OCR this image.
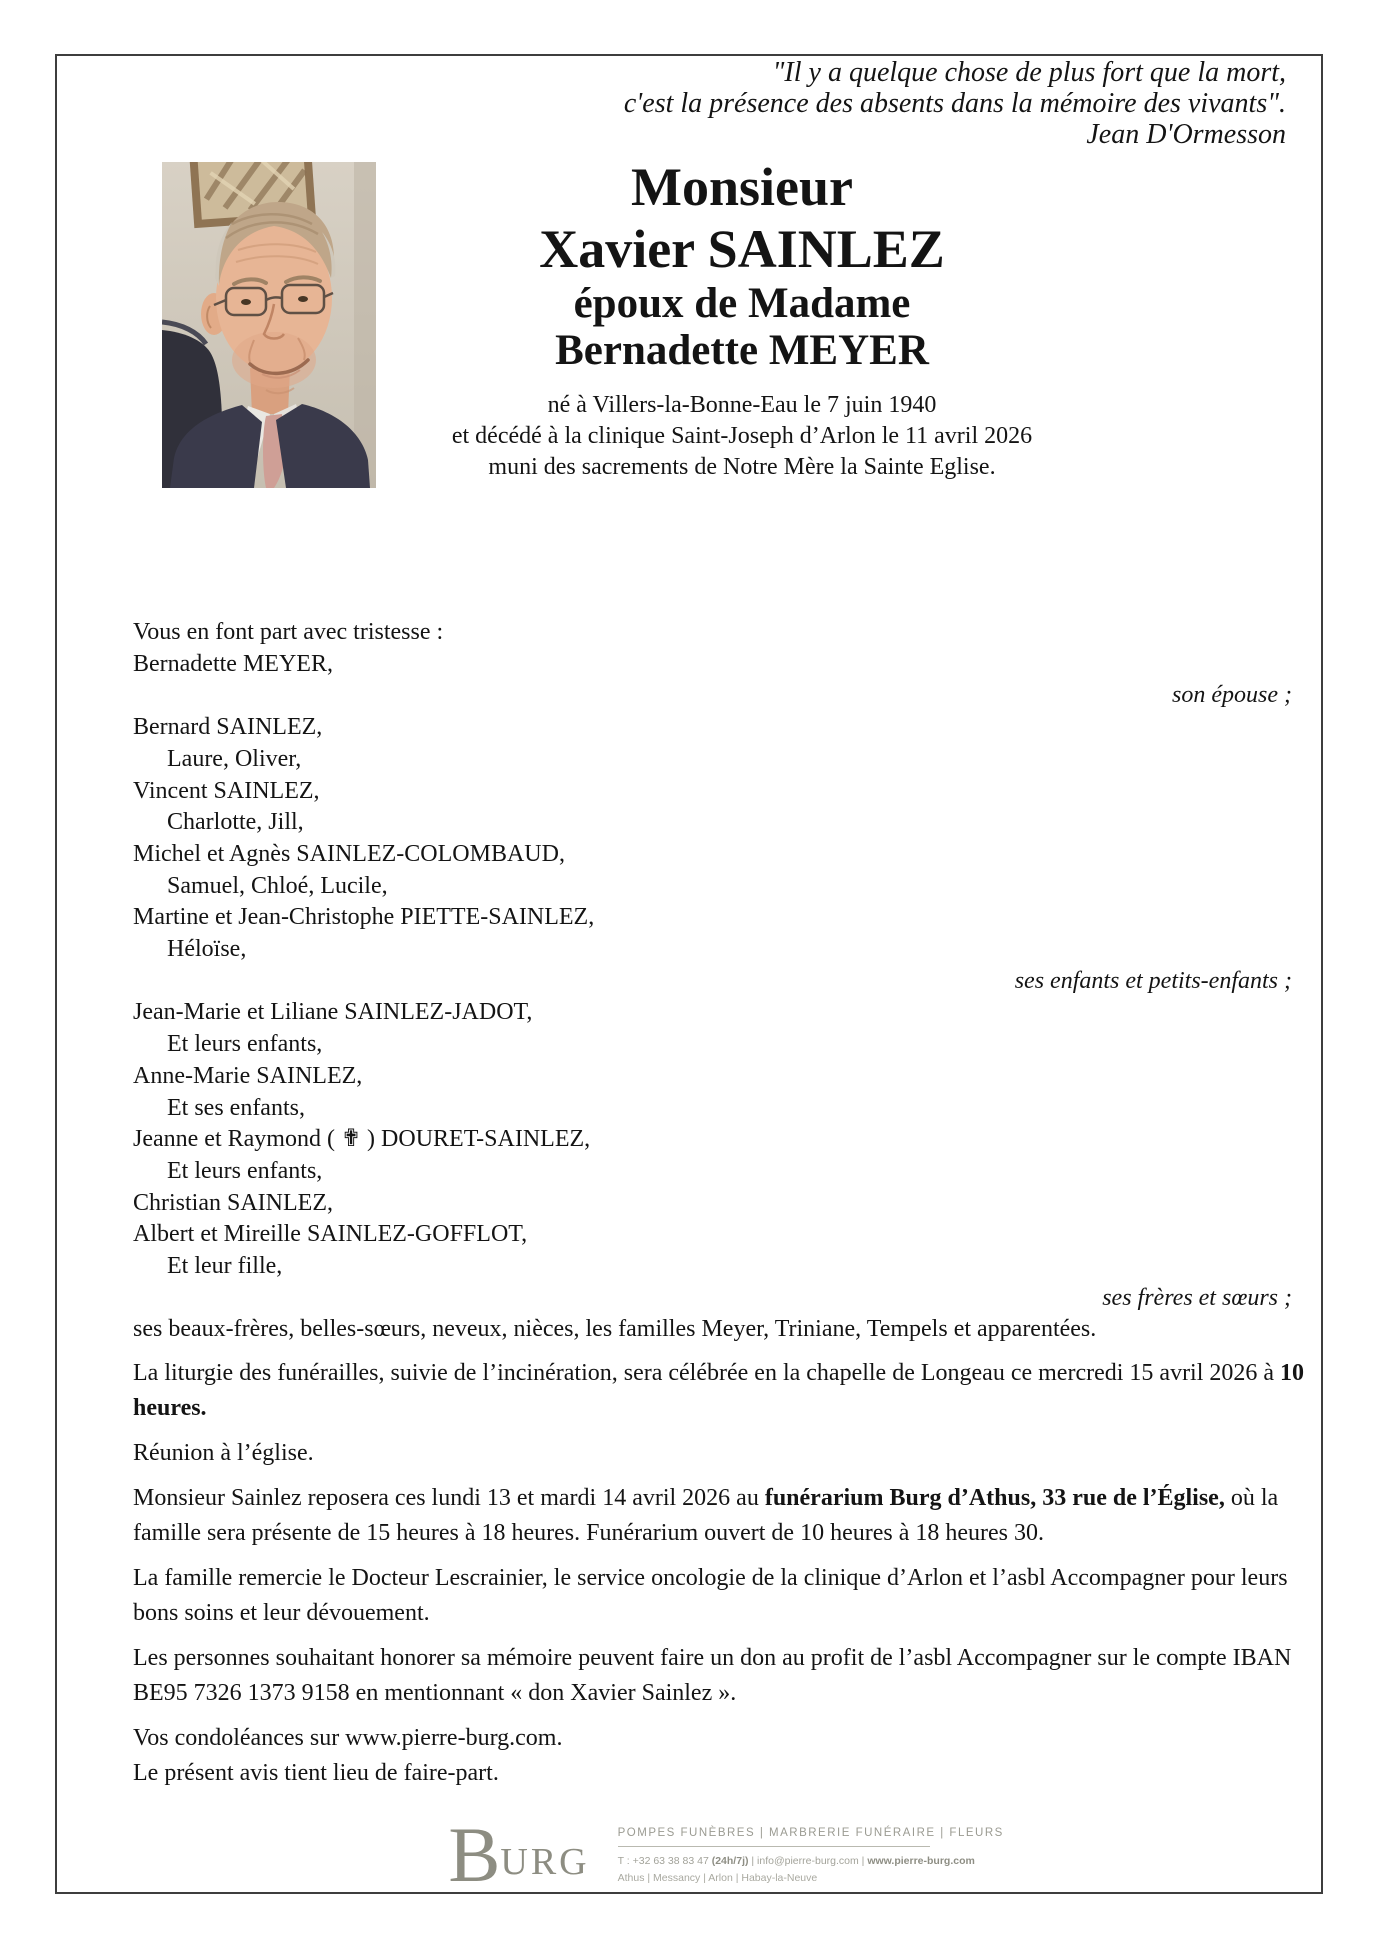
"Il y a quelque chose de plus fort que la mort,
c'est la présence des absents dans la mémoire des vivants".
Jean D'Ormesson
Monsieur
Xavier SAINLEZ
époux de Madame
Bernadette MEYER
né à Villers-la-Bonne-Eau le 7 juin 1940
et décédé à la clinique Saint-Joseph d’Arlon le 11 avril 2026
muni des sacrements de Notre Mère la Sainte Eglise.

Vous en font part avec tristesse :

Bernadette MEYER,
son épouse ;
Bernard SAINLEZ,
Laure, Oliver,
Vincent SAINLEZ,
Charlotte, Jill,
Michel et Agnès SAINLEZ-COLOMBAUD,
Samuel, Chloé, Lucile,
Martine et Jean-Christophe PIETTE-SAINLEZ,
Héloïse,
ses enfants et petits-enfants ;
Jean-Marie et Liliane SAINLEZ-JADOT,
Et leurs enfants,
Anne-Marie SAINLEZ,
Et ses enfants,
Jeanne et Raymond ( ✟ ) DOURET-SAINLEZ,
Et leurs enfants,
Christian SAINLEZ,
Albert et Mireille SAINLEZ-GOFFLOT,
Et leur fille,
ses frères et sœurs ;
ses beaux-frères, belles-sœurs, neveux, nièces, les familles Meyer, Triniane, Tempels et apparentées.

La liturgie des funérailles, suivie de l’incinération, sera célébrée en la chapelle de Longeau ce mercredi 15 avril 2026 à 10 heures.

Réunion à l’église.

Monsieur Sainlez reposera ces lundi 13 et mardi 14 avril 2026 au funérarium Burg d’Athus, 33 rue de l’Église, où la famille sera présente de 15 heures à 18 heures. Funérarium ouvert de 10 heures à 18 heures 30.

La famille remercie le Docteur Lescrainier, le service oncologie de la clinique d’Arlon et l’asbl Accompagner pour leurs bons soins et leur dévouement.

Les personnes souhaitant honorer sa mémoire peuvent faire un don au profit de l’asbl Accompagner sur le compte IBAN BE95 7326 1373 9158 en mentionnant « don Xavier Sainlez ».

Vos condoléances sur www.pierre-burg.com.
Le présent avis tient lieu de faire-part.
B URG
POMPES FUNÈBRES | MARBRERIE FUNÉRAIRE | FLEURS
T : +32 63 38 83 47 (24h/7j) | info@pierre-burg.com | www.pierre-burg.com
Athus | Messancy | Arlon | Habay-la-Neuve
